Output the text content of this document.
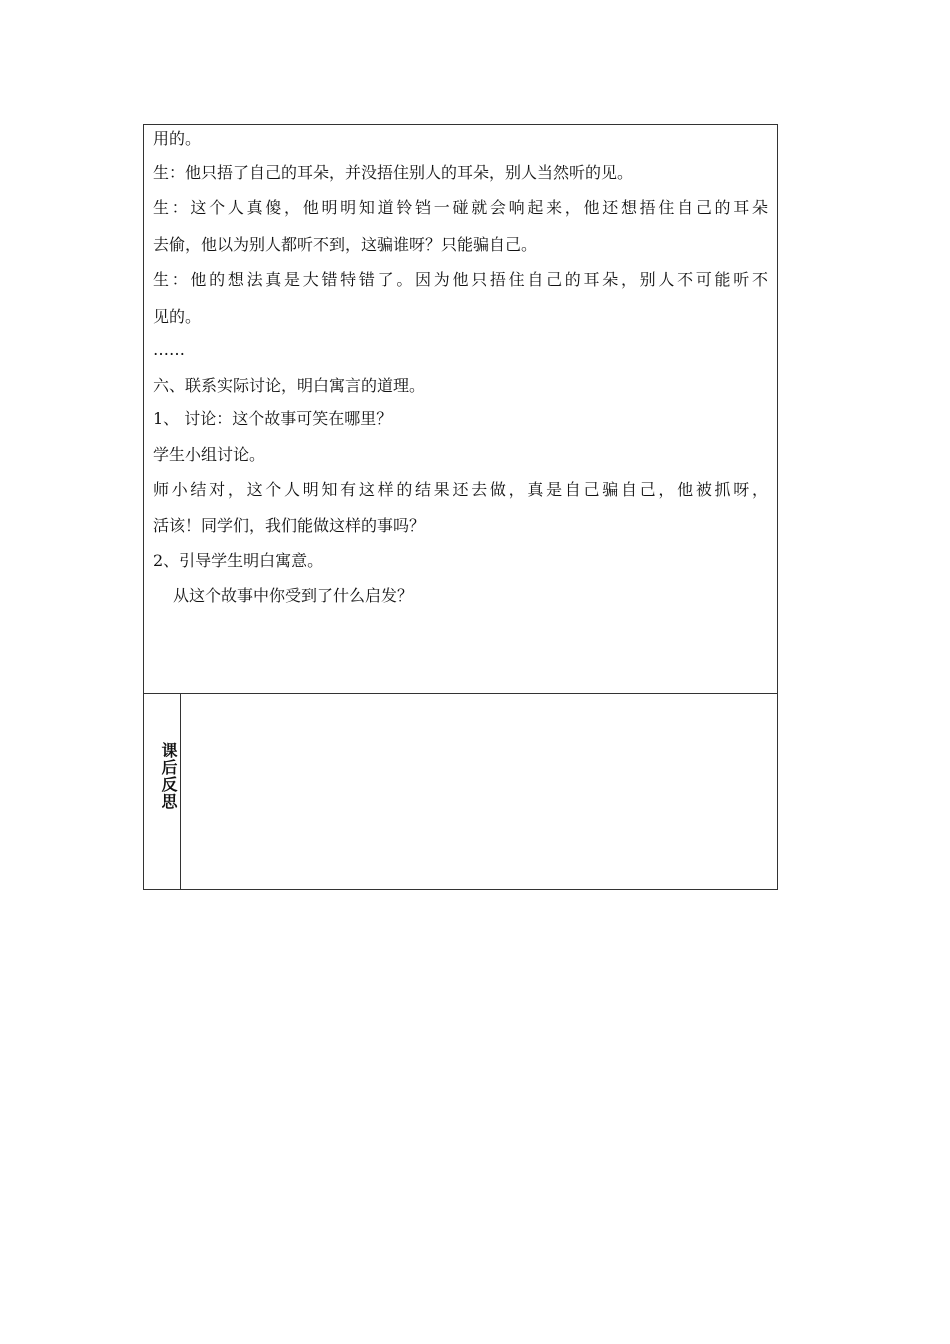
用的。
生：他只捂了自己的耳朵，并没捂住别人的耳朵，别人当然听的见。
生：这个人真傻，他明明知道铃铛一碰就会响起来，他还想捂住自己的耳朵
去偷，他以为别人都听不到，这骗谁呀？只能骗自己。
生：他的想法真是大错特错了。因为他只捂住自己的耳朵，别人不可能听不
见的。
……
六、联系实际讨论，明白寓言的道理。
1、 讨论：这个故事可笑在哪里？
学生小组讨论。
师小结对，这个人明知有这样的结果还去做，真是自己骗自己，他被抓呀，
活该！同学们，我们能做这样的事吗？
2、引导学生明白寓意。
从这个故事中你受到了什么启发？
课后反思
